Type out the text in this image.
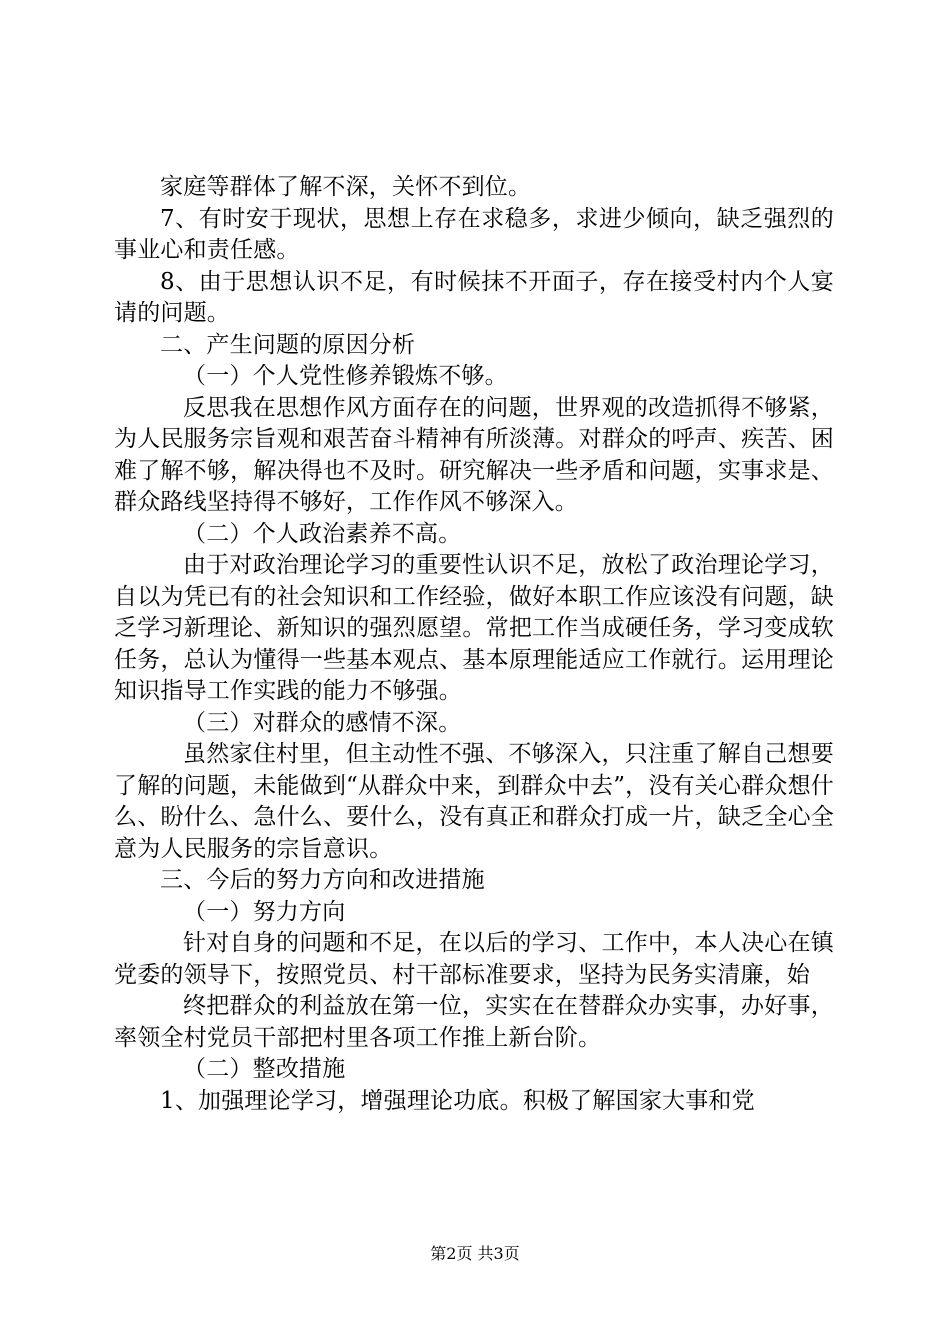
家庭等群体了解不深，关怀不到位。

7、有时安于现状，思想上存在求稳多，求进少倾向，缺乏强烈的事业心和责任感。

8、由于思想认识不足，有时候抹不开面子，存在接受村内个人宴请的问题。

二、产生问题的原因分析

（一）个人党性修养锻炼不够。

反思我在思想作风方面存在的问题，世界观的改造抓得不够紧，为人民服务宗旨观和艰苦奋斗精神有所淡薄。对群众的呼声、疾苦、困难了解不够，解决得也不及时。研究解决一些矛盾和问题，实事求是、群众路线坚持得不够好，工作作风不够深入。

（二）个人政治素养不高。

由于对政治理论学习的重要性认识不足，放松了政治理论学习，自以为凭已有的社会知识和工作经验，做好本职工作应该没有问题，缺乏学习新理论、新知识的强烈愿望。常把工作当成硬任务，学习变成软任务，总认为懂得一些基本观点、基本原理能适应工作就行。运用理论知识指导工作实践的能力不够强。

（三）对群众的感情不深。

虽然家住村里，但主动性不强、不够深入，只注重了解自己想要了解的问题，未能做到“从群众中来，到群众中去”，没有关心群众想什么、盼什么、急什么、要什么，没有真正和群众打成一片，缺乏全心全意为人民服务的宗旨意识。

三、今后的努力方向和改进措施

（一）努力方向

针对自身的问题和不足，在以后的学习、工作中，本人决心在镇党委的领导下，按照党员、村干部标准要求，坚持为民务实清廉，始

终把群众的利益放在第一位，实实在在替群众办实事，办好事，率领全村党员干部把村里各项工作推上新台阶。

（二）整改措施

1、加强理论学习，增强理论功底。积极了解国家大事和党

第2页 共3页
